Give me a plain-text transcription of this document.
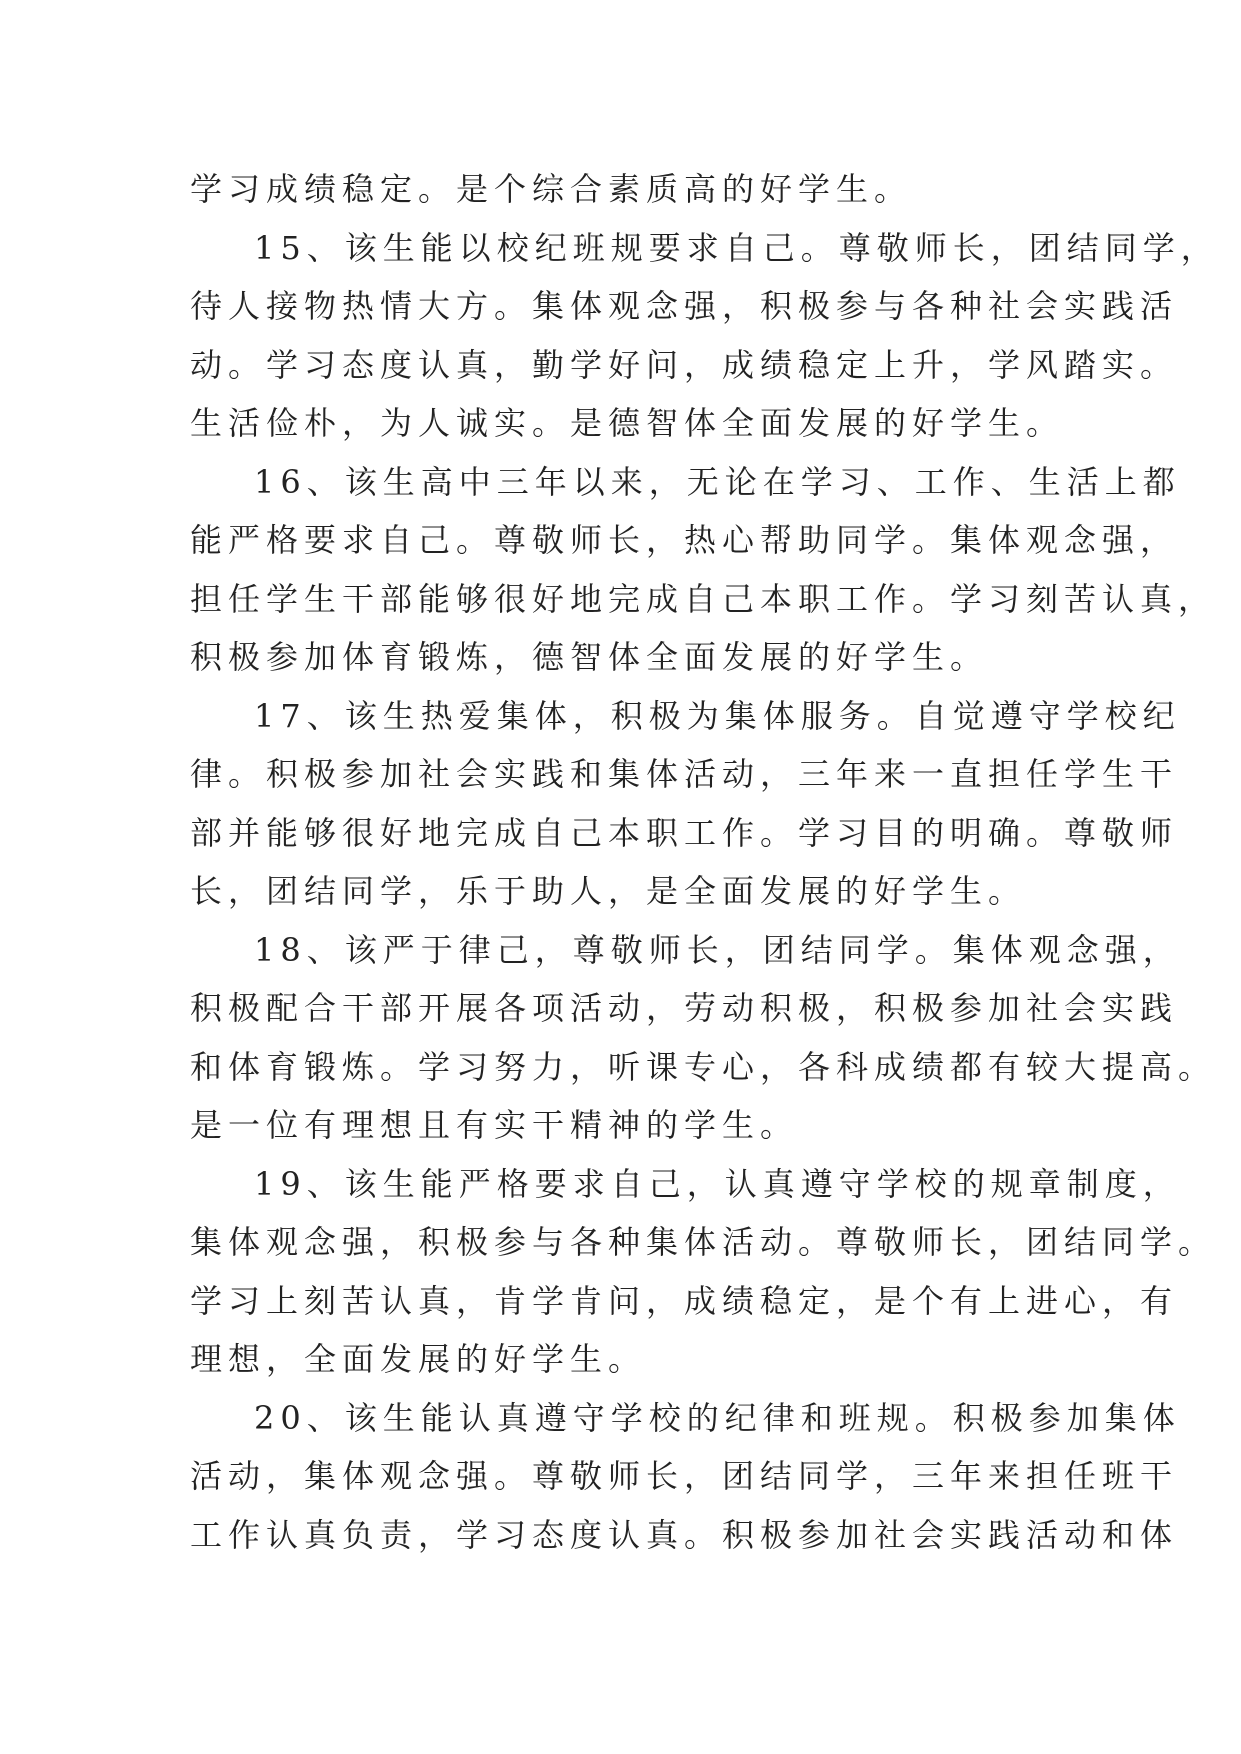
学习成绩稳定。是个综合素质高的好学生。
15、该生能以校纪班规要求自己。尊敬师长，团结同学，
待人接物热情大方。集体观念强，积极参与各种社会实践活
动。学习态度认真，勤学好问，成绩稳定上升，学风踏实。
生活俭朴，为人诚实。是德智体全面发展的好学生。
16、该生高中三年以来，无论在学习、工作、生活上都
能严格要求自己。尊敬师长，热心帮助同学。集体观念强，
担任学生干部能够很好地完成自己本职工作。学习刻苦认真，
积极参加体育锻炼，德智体全面发展的好学生。
17、该生热爱集体，积极为集体服务。自觉遵守学校纪
律。积极参加社会实践和集体活动，三年来一直担任学生干
部并能够很好地完成自己本职工作。学习目的明确。尊敬师
长，团结同学，乐于助人，是全面发展的好学生。
18、该严于律己，尊敬师长，团结同学。集体观念强，
积极配合干部开展各项活动，劳动积极，积极参加社会实践
和体育锻炼。学习努力，听课专心，各科成绩都有较大提高。
是一位有理想且有实干精神的学生。
19、该生能严格要求自己，认真遵守学校的规章制度，
集体观念强，积极参与各种集体活动。尊敬师长，团结同学。
学习上刻苦认真，肯学肯问，成绩稳定，是个有上进心，有
理想，全面发展的好学生。
20、该生能认真遵守学校的纪律和班规。积极参加集体
活动，集体观念强。尊敬师长，团结同学，三年来担任班干
工作认真负责，学习态度认真。积极参加社会实践活动和体
